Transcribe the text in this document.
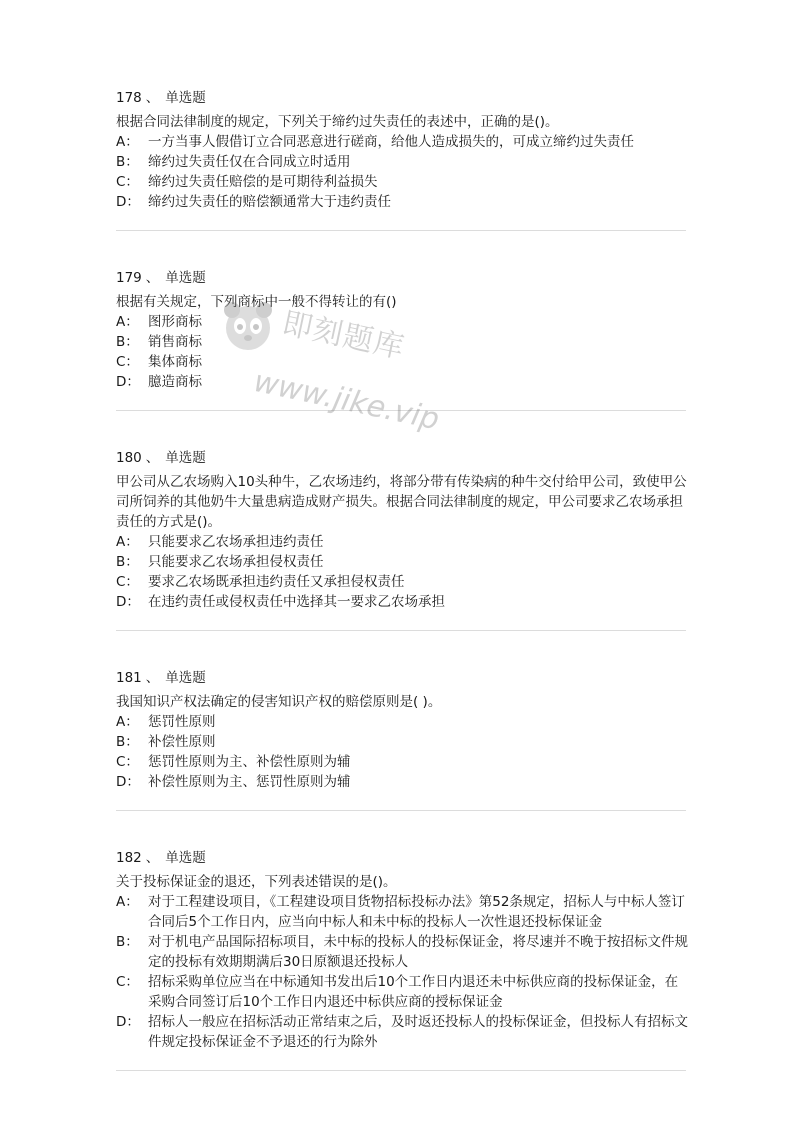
178 、 单选题
根据合同法律制度的规定，下列关于缔约过失责任的表述中，正确的是()。
A： 一方当事人假借订立合同恶意进行磋商，给他人造成损失的，可成立缔约过失责任
B： 缔约过失责任仅在合同成立时适用
C： 缔约过失责任赔偿的是可期待利益损失
D： 缔约过失责任的赔偿额通常大于违约责任
179 、 单选题
根据有关规定，下列商标中一般不得转让的有()
A： 图形商标
B： 销售商标
C： 集体商标
D： 臆造商标
即刻题库
www.jike.vip
180 、 单选题
甲公司从乙农场购入10头种牛，乙农场违约，将部分带有传染病的种牛交付给甲公司，致使甲公司所饲养的其他奶牛大量患病造成财产损失。根据合同法律制度的规定，甲公司要求乙农场承担责任的方式是()。
A： 只能要求乙农场承担违约责任
B： 只能要求乙农场承担侵权责任
C： 要求乙农场既承担违约责任又承担侵权责任
D： 在违约责任或侵权责任中选择其一要求乙农场承担
181 、 单选题
我国知识产权法确定的侵害知识产权的赔偿原则是( )。
A： 惩罚性原则
B： 补偿性原则
C： 惩罚性原则为主、补偿性原则为辅
D： 补偿性原则为主、惩罚性原则为辅
182 、 单选题
关于投标保证金的退还，下列表述错误的是()。
A： 对于工程建设项目，《工程建设项目货物招标投标办法》第52条规定，招标人与中标人签订合同后5个工作日内，应当向中标人和未中标的投标人一次性退还投标保证金
B： 对于机电产品国际招标项目，未中标的投标人的投标保证金，将尽速并不晚于按招标文件规定的投标有效期期满后30日原额退还投标人
C： 招标采购单位应当在中标通知书发出后10个工作日内退还未中标供应商的投标保证金，在采购合同签订后10个工作日内退还中标供应商的授标保证金
D： 招标人一般应在招标活动正常结束之后，及时返还投标人的投标保证金，但投标人有招标文件规定投标保证金不予退还的行为除外
